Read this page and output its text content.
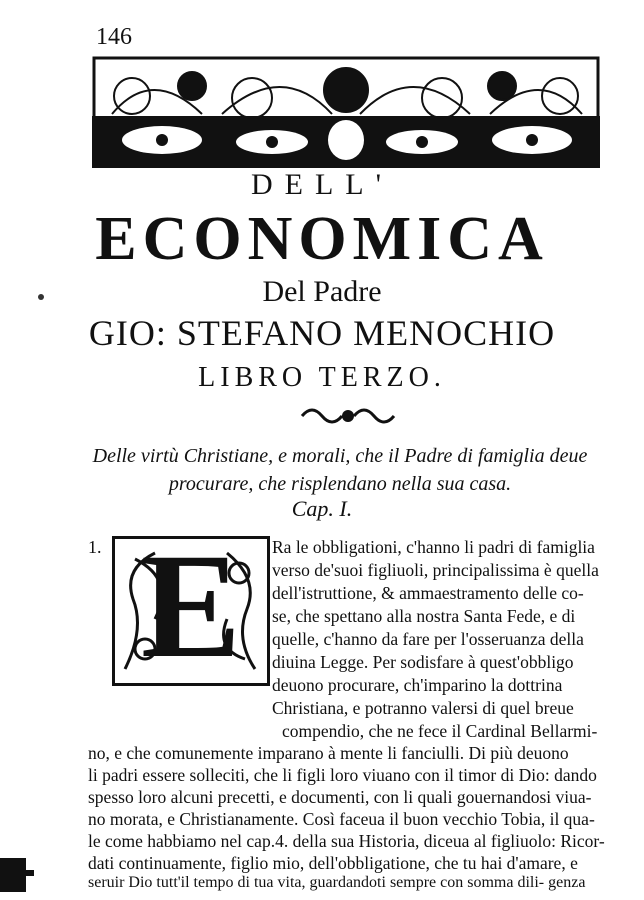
146
DELL'
ECONOMICA
Del Padre
GIO: STEFANO MENOCHIO
LIBRO TERZO.
Delle virtù Christiane, e morali, che il Padre di famiglia deue
procurare, che risplendano nella sua casa.
Cap. I.
1. E	Ra le obbligationi, c'hanno li padri di famiglia
verso de'suoi figliuoli, principalissima è quella
dell'istruttione, & ammaestramento delle co-
se, che spettano alla nostra Santa Fede, e di
quelle, c'hanno da fare per l'osseruanza della
diuina Legge. Per sodisfare à quest'obbligo
deuono procurare, ch'imparino la dottrina
Christiana, e potranno valersi di quel breue
compendio, che ne fece il Cardinal Bellarmi-
no, e che comunemente imparano à mente li fanciulli. Di più deuono
li padri essere solleciti, che li figli loro viuano con il timor di Dio: dando
spesso loro alcuni precetti, e documenti, con li quali gouernandosi viua-
no morata, e Christianamente. Così faceua il buon vecchio Tobia, il qua-
le come habbiamo nel cap.4. della sua Historia, diceua al figliuolo: Ricor-
dati continuamente, figlio mio, dell'obbligatione, che tu hai d'amare, e
seruir Dio tutt'il tempo di tua vita, guardandoti sempre con somma dili- genza
